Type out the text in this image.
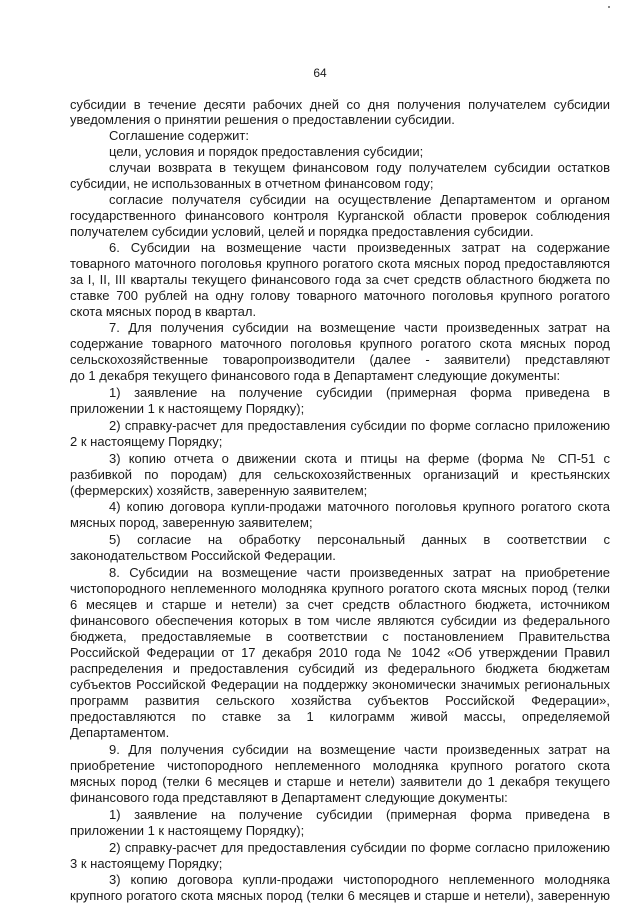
64
субсидии в течение десяти рабочих дней со дня получения получателем субсидии
уведомления о принятии решения о предоставлении субсидии.
Соглашение содержит:
цели, условия и порядок предоставления субсидии;
случаи возврата в текущем финансовом году получателем субсидии остатков
субсидии, не использованных в отчетном финансовом году;
согласие получателя субсидии на осуществление Департаментом и органом
государственного финансового контроля Курганской области проверок соблюдения
получателем субсидии условий, целей и порядка предоставления субсидии.
6. Субсидии на возмещение части произведенных затрат на содержание
товарного маточного поголовья крупного рогатого скота мясных пород предоставляются
за I, II, III кварталы текущего финансового года за счет средств областного бюджета по
ставке 700 рублей на одну голову товарного маточного поголовья крупного рогатого
скота мясных пород в квартал.
7. Для получения субсидии на возмещение части произведенных затрат на
содержание товарного маточного поголовья крупного рогатого скота мясных пород
сельскохозяйственные товаропроизводители (далее - заявители) представляют
до 1 декабря текущего финансового года в Департамент следующие документы:
1) заявление на получение субсидии (примерная форма приведена в
приложении 1 к настоящему Порядку);
2) справку-расчет для предоставления субсидии по форме согласно приложению
2 к настоящему Порядку;
3) копию отчета о движении скота и птицы на ферме (форма № СП-51 с
разбивкой по породам) для сельскохозяйственных организаций и крестьянских
(фермерских) хозяйств, заверенную заявителем;
4) копию договора купли-продажи маточного поголовья крупного рогатого скота
мясных пород, заверенную заявителем;
5) согласие на обработку персональный данных в соответствии с
законодательством Российской Федерации.
8. Субсидии на возмещение части произведенных затрат на приобретение
чистопородного неплеменного молодняка крупного рогатого скота мясных пород (телки
6 месяцев и старше и нетели) за счет средств областного бюджета, источником
финансового обеспечения которых в том числе являются субсидии из федерального
бюджета, предоставляемые в соответствии с постановлением Правительства
Российской Федерации от 17 декабря 2010 года № 1042 «Об утверждении Правил
распределения и предоставления субсидий из федерального бюджета бюджетам
субъектов Российской Федерации на поддержку экономически значимых региональных
программ развития сельского хозяйства субъектов Российской Федерации»,
предоставляются по ставке за 1 килограмм живой массы, определяемой
Департаментом.
9. Для получения субсидии на возмещение части произведенных затрат на
приобретение чистопородного неплеменного молодняка крупного рогатого скота
мясных пород (телки 6 месяцев и старше и нетели) заявители до 1 декабря текущего
финансового года представляют в Департамент следующие документы:
1) заявление на получение субсидии (примерная форма приведена в
приложении 1 к настоящему Порядку);
2) справку-расчет для предоставления субсидии по форме согласно приложению
3 к настоящему Порядку;
3) копию договора купли-продажи чистопородного неплеменного молодняка
крупного рогатого скота мясных пород (телки 6 месяцев и старше и нетели), заверенную
